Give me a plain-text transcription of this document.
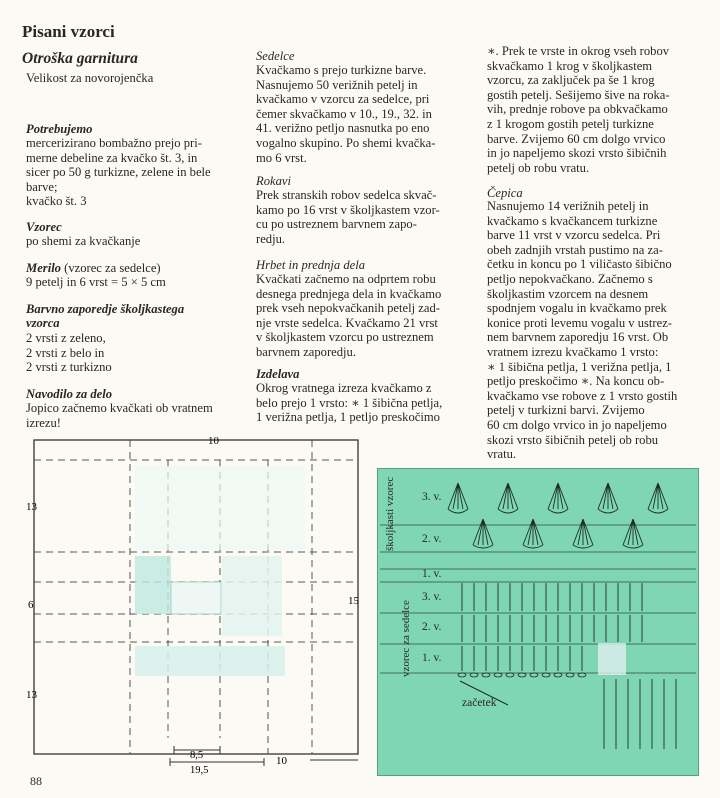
Pisani vzorci
Otroška garnitura

Velikost za novorojenčka

Potrebujemo

mercerizirano bombažno prejo pri-

merne debeline za kvačko št. 3, in

sicer po 50 g turkizne, zelene in bele

barve;

kvačko št. 3

Vzorec

po shemi za kvačkanje

Merilo (vzorec za sedelce)

9 petelj in 6 vrst = 5 × 5 cm

Barvno zaporedje školjkastega

vzorca

2 vrsti z zeleno,

2 vrsti z belo in

2 vrsti z turkizno

Navodilo za delo

Jopico začnemo kvačkati ob vratnem

izrezu!

Sedelce

Kvačkamo s prejo turkizne barve.

Nasnujemo 50 verižnih petelj in

kvačkamo v vzorcu za sedelce, pri

čemer skvačkamo v 10., 19., 32. in

41. verižno petljo nasnutka po eno

vogalno skupino. Po shemi kvačka-

mo 6 vrst.

Rokavi

Prek stranskih robov sedelca skvač-

kamo po 16 vrst v školjkastem vzor-

cu po ustreznem barvnem zapo-

redju.

Hrbet in prednja dela

Kvačkati začnemo na odprtem robu

desnega prednjega dela in kvačkamo

prek vseh nepokvačkanih petelj zad-

nje vrste sedelca. Kvačkamo 21 vrst

v školjkastem vzorcu po ustreznem

barvnem zaporedju.

Izdelava

Okrog vratnega izreza kvačkamo z

belo prejo 1 vrsto: ∗ 1 šibična petlja,

1 verižna petlja, 1 petljo preskočimo

∗. Prek te vrste in okrog vseh robov

skvačkamo 1 krog v školjkastem

vzorcu, za zaključek pa še 1 krog

gostih petelj. Sešijemo šive na roka-

vih, prednje robove pa obkvačkamo

z 1 krogom gostih petelj turkizne

barve. Zvijemo 60 cm dolgo vrvico

in jo napeljemo skozi vrsto šibičnih

petelj ob robu vratu.

Čepica

Nasnujemo 14 verižnih petelj in

kvačkamo s kvačkancem turkizne

barve 11 vrst v vzorcu sedelca. Pri

obeh zadnjih vrstah pustimo na za-

četku in koncu po 1 viličasto šibično

petljo nepokvačkano. Začnemo s

školjkastim vzorcem na desnem

spodnjem vogalu in kvačkamo prek

konice proti levemu vogalu v ustrez-

nem barvnem zaporedju 16 vrst. Ob

vratnem izrezu kvačkamo 1 vrsto:

∗ 1 šibična petlja, 1 verižna petlja, 1

petljo preskočimo ∗. Na koncu ob-

kvačkamo vse robove z 1 vrsto gostih

petelj v turkizni barvi. Zvijemo

60 cm dolgo vrvico in jo napeljemo

skozi vrsto šibičnih petelj ob robu

vratu.

10
13
6
13
15
8,5
19,5
10
školjkasti vzorec
vzorec za sedelce
3. v.
2. v.
1. v.
3. v.
2. v.
1. v.
začetek
88
